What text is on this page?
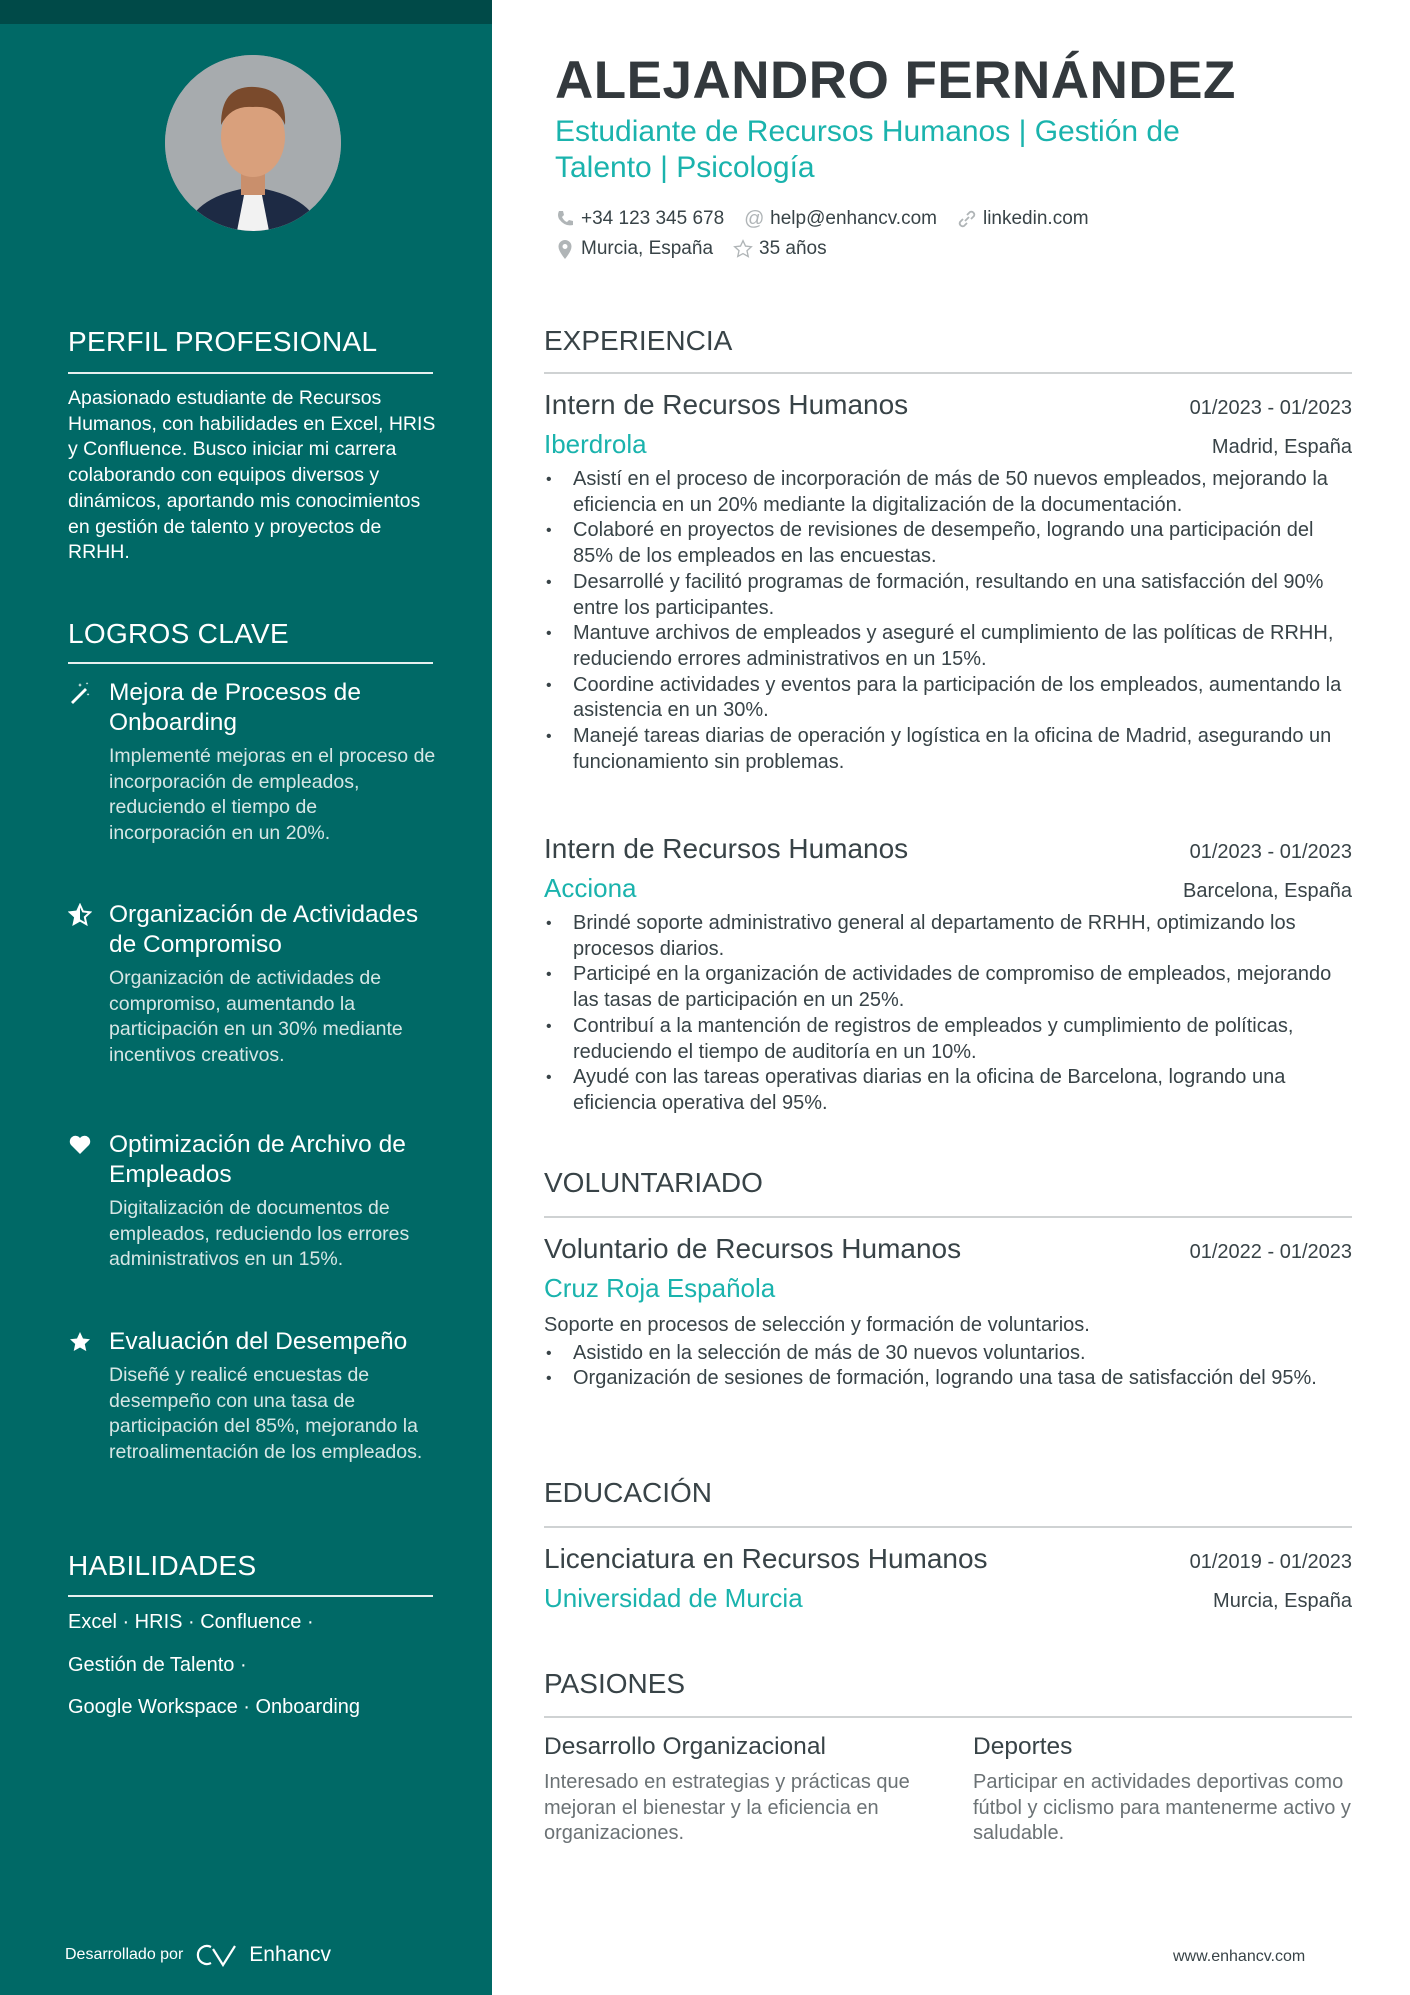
PERFIL PROFESIONAL
Apasionado estudiante de Recursos Humanos, con habilidades en Excel, HRIS y Confluence. Busco iniciar mi carrera colaborando con equipos diversos y dinámicos, aportando mis conocimientos en gestión de talento y proyectos de RRHH.
LOGROS CLAVE
Mejora de Procesos de Onboarding
Implementé mejoras en el proceso de incorporación de empleados, reduciendo el tiempo de incorporación en un 20%.
Organización de Actividades de Compromiso
Organización de actividades de compromiso, aumentando la participación en un 30% mediante incentivos creativos.
Optimización de Archivo de Empleados
Digitalización de documentos de empleados, reduciendo los errores administrativos en un 15%.
Evaluación del Desempeño
Diseñé y realicé encuestas de desempeño con una tasa de participación del 85%, mejorando la retroalimentación de los empleados.
HABILIDADES
Excel · HRIS · Confluence ·
Gestión de Talento ·
Google Workspace · Onboarding
Desarrollado por	Enhancv
ALEJANDRO FERNÁNDEZ
Estudiante de Recursos Humanos | Gestión de Talento | Psicología
+34 123 345 678 @ help@enhancv.com linkedin.com
Murcia, España 35 años
EXPERIENCIA
Intern de Recursos Humanos	01/2023 - 01/2023
Iberdrola	Madrid, España
• Asistí en el proceso de incorporación de más de 50 nuevos empleados, mejorando la eficiencia en un 20% mediante la digitalización de la documentación.
• Colaboré en proyectos de revisiones de desempeño, logrando una participación del 85% de los empleados en las encuestas.
• Desarrollé y facilitó programas de formación, resultando en una satisfacción del 90% entre los participantes.
• Mantuve archivos de empleados y aseguré el cumplimiento de las políticas de RRHH, reduciendo errores administrativos en un 15%.
• Coordine actividades y eventos para la participación de los empleados, aumentando la asistencia en un 30%.
• Manejé tareas diarias de operación y logística en la oficina de Madrid, asegurando un funcionamiento sin problemas.
Intern de Recursos Humanos	01/2023 - 01/2023
Acciona	Barcelona, España
• Brindé soporte administrativo general al departamento de RRHH, optimizando los procesos diarios.
• Participé en la organización de actividades de compromiso de empleados, mejorando las tasas de participación en un 25%.
• Contribuí a la mantención de registros de empleados y cumplimiento de políticas, reduciendo el tiempo de auditoría en un 10%.
• Ayudé con las tareas operativas diarias en la oficina de Barcelona, logrando una eficiencia operativa del 95%.
VOLUNTARIADO
Voluntario de Recursos Humanos	01/2022 - 01/2023
Cruz Roja Española
Soporte en procesos de selección y formación de voluntarios.
• Asistido en la selección de más de 30 nuevos voluntarios.
• Organización de sesiones de formación, logrando una tasa de satisfacción del 95%.
EDUCACIÓN
Licenciatura en Recursos Humanos	01/2019 - 01/2023
Universidad de Murcia	Murcia, España
PASIONES
Desarrollo Organizacional
Interesado en estrategias y prácticas que mejoran el bienestar y la eficiencia en organizaciones.
Deportes
Participar en actividades deportivas como fútbol y ciclismo para mantenerme activo y saludable.
www.enhancv.com
